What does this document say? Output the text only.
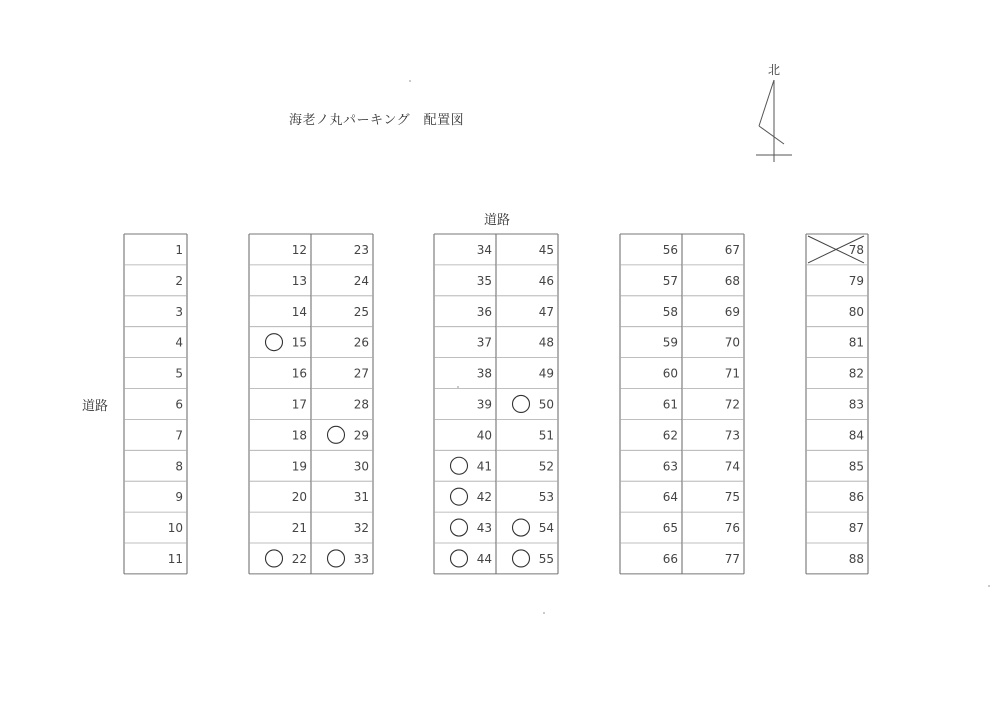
海老ノ丸パーキング　配置図
北
道路
道路
1
2
3
4
5
6
7
8
9
10
11
12
13
14
15
16
17
18
19
20
21
22
23
24
25
26
27
28
29
30
31
32
33
34
35
36
37
38
39
40
41
42
43
44
45
46
47
48
49
50
51
52
53
54
55
56
57
58
59
60
61
62
63
64
65
66
67
68
69
70
71
72
73
74
75
76
77
78
79
80
81
82
83
84
85
86
87
88
